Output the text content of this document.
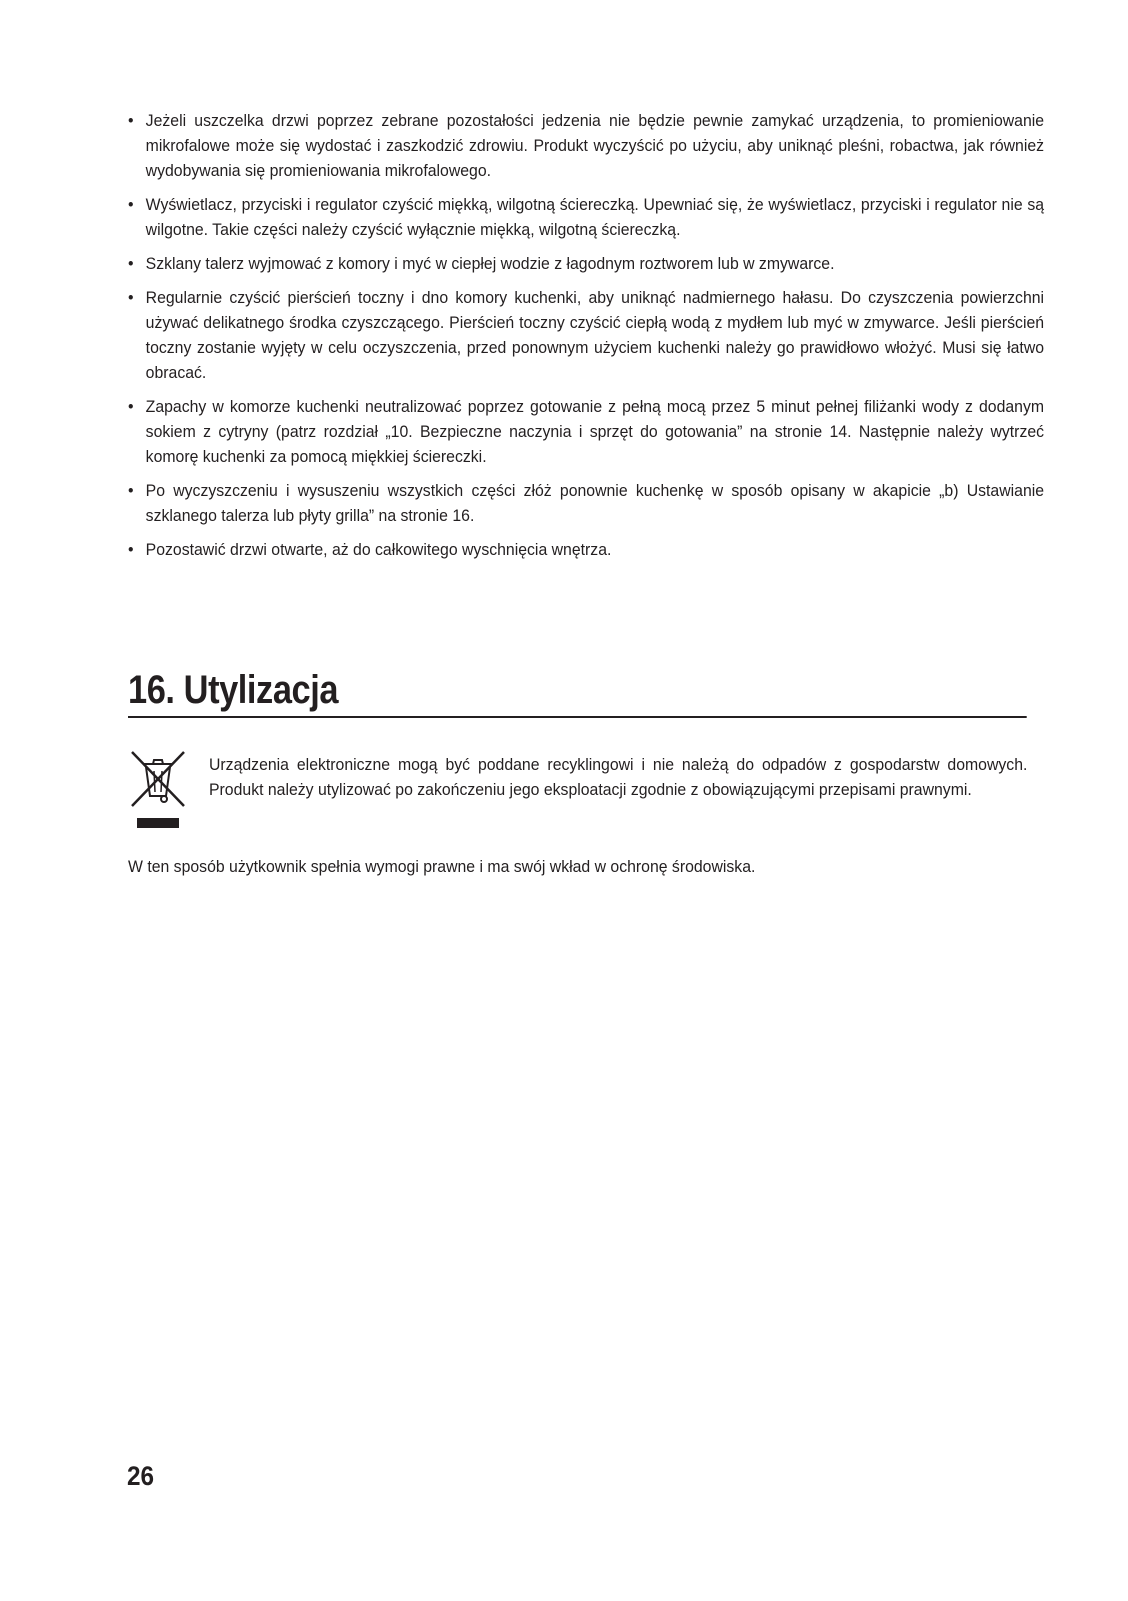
• Jeżeli uszczelka drzwi poprzez zebrane pozostałości jedzenia nie będzie pewnie zamykać urządzenia, to promieniowanie mikrofalowe może się wydostać i zaszkodzić zdrowiu. Produkt wyczyścić po użyciu, aby uniknąć pleśni, robactwa, jak również wydobywania się promieniowania mikrofalowego.
• Wyświetlacz, przyciski i regulator czyścić miękką, wilgotną ściereczką. Upewniać się, że wyświetlacz, przyciski i regulator nie są wilgotne. Takie części należy czyścić wyłącznie miękką, wilgotną ściereczką.
• Szklany talerz wyjmować z komory i myć w ciepłej wodzie z łagodnym roztworem lub w zmywarce.
• Regularnie czyścić pierścień toczny i dno komory kuchenki, aby uniknąć nadmiernego hałasu. Do czyszczenia powierzchni używać delikatnego środka czyszczącego. Pierścień toczny czyścić ciepłą wodą z mydłem lub myć w zmywarce. Jeśli pierścień toczny zostanie wyjęty w celu oczyszczenia, przed ponownym użyciem kuchenki należy go prawidłowo włożyć. Musi się łatwo obracać.
• Zapachy w komorze kuchenki neutralizować poprzez gotowanie z pełną mocą przez 5 minut pełnej filiżanki wody z dodanym sokiem z cytryny (patrz rozdział „10. Bezpieczne naczynia i sprzęt do gotowania” na stronie 14. Następnie należy wytrzeć komorę kuchenki za pomocą miękkiej ściereczki.
• Po wyczyszczeniu i wysuszeniu wszystkich części złóż ponownie kuchenkę w sposób opisany w akapicie „b) Ustawianie szklanego talerza lub płyty grilla” na stronie 16.
• Pozostawić drzwi otwarte, aż do całkowitego wyschnięcia wnętrza.
16. Utylizacja

Urządzenia elektroniczne mogą być poddane recyklingowi i nie należą do odpadów z gospodarstw domowych. Produkt należy utylizować po zakończeniu jego eksploatacji zgodnie z obowiązującymi przepisami prawnymi.

W ten sposób użytkownik spełnia wymogi prawne i ma swój wkład w ochronę środowiska.

26
